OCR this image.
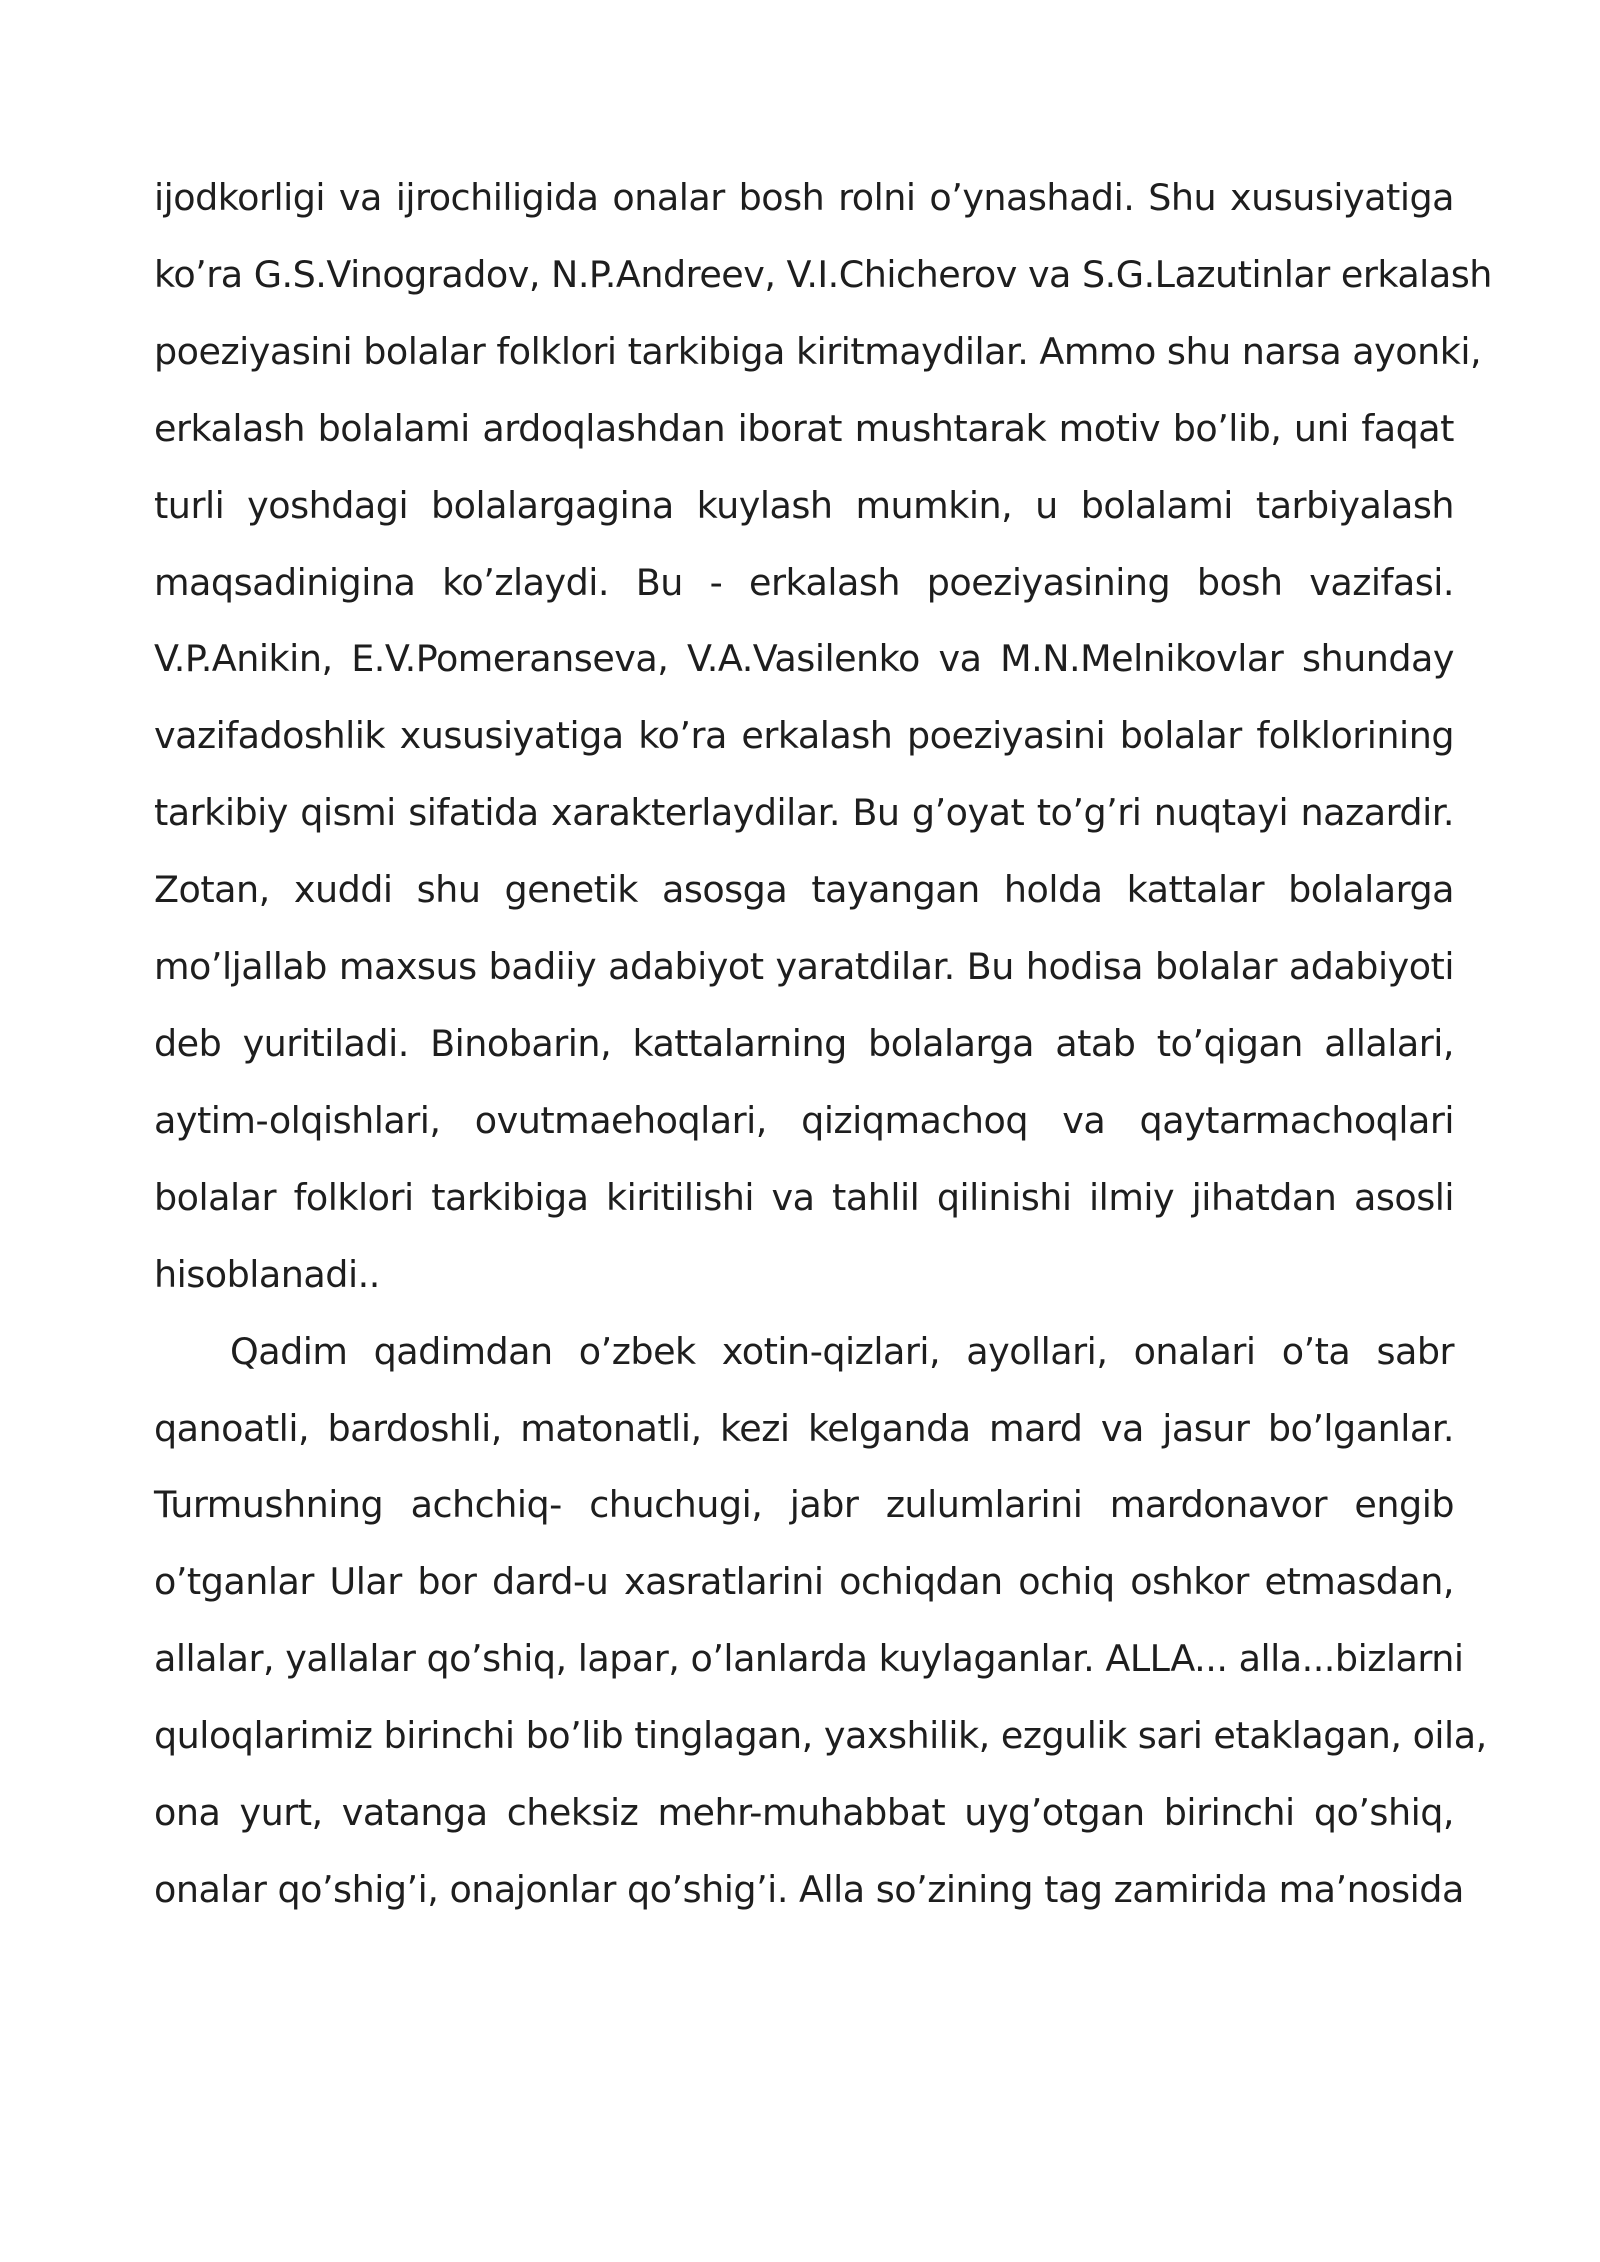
ijodkorligi va ijrochiligida onalar bosh rolni o’ynashadi. Shu xususiyatiga
ko’ra G.S.Vinogradov, N.P.Andreev, V.I.Chicherov va S.G.Lazutinlar erkalash
poeziyasini bolalar folklori tarkibiga kiritmaydilar. Ammo shu narsa ayonki,
erkalash bolalami ardoqlashdan iborat mushtarak motiv bo’lib, uni faqat
turli yoshdagi bolalargagina kuylash mumkin, u bolalami tarbiyalash
maqsadinigina ko’zlaydi. Bu - erkalash poeziyasining bosh vazifasi.
V.P.Anikin, E.V.Pomeranseva, V.A.Vasilenko va M.N.Melnikovlar shunday
vazifadoshlik xususiyatiga ko’ra erkalash poeziyasini bolalar folklorining
tarkibiy qismi sifatida xarakterlaydilar. Bu g’oyat to’g’ri nuqtayi nazardir.
Zotan, xuddi shu genetik asosga tayangan holda kattalar bolalarga
mo’ljallab maxsus badiiy adabiyot yaratdilar. Bu hodisa bolalar adabiyoti
deb yuritiladi. Binobarin, kattalarning bolalarga atab to’qigan allalari,
aytim-olqishlari, ovutmaehoqlari, qiziqmachoq va qaytarmachoqlari
bolalar folklori tarkibiga kiritilishi va tahlil qilinishi ilmiy jihatdan asosli
hisoblanadi..
Qadim qadimdan o’zbek xotin-qizlari, ayollari, onalari o’ta sabr
qanoatli, bardoshli, matonatli, kezi kelganda mard va jasur bo’lganlar.
Turmushning achchiq- chuchugi, jabr zulumlarini mardonavor engib
o’tganlar Ular bor dard-u xasratlarini ochiqdan ochiq oshkor etmasdan,
allalar, yallalar qo’shiq, lapar, o’lanlarda kuylaganlar. ALLA... alla...bizlarni
quloqlarimiz birinchi bo’lib tinglagan, yaxshilik, ezgulik sari etaklagan, oila,
ona yurt, vatanga cheksiz mehr-muhabbat uyg’otgan birinchi qo’shiq,
onalar qo’shig’i, onajonlar qo’shig’i. Alla so’zining tag zamirida ma’nosida
